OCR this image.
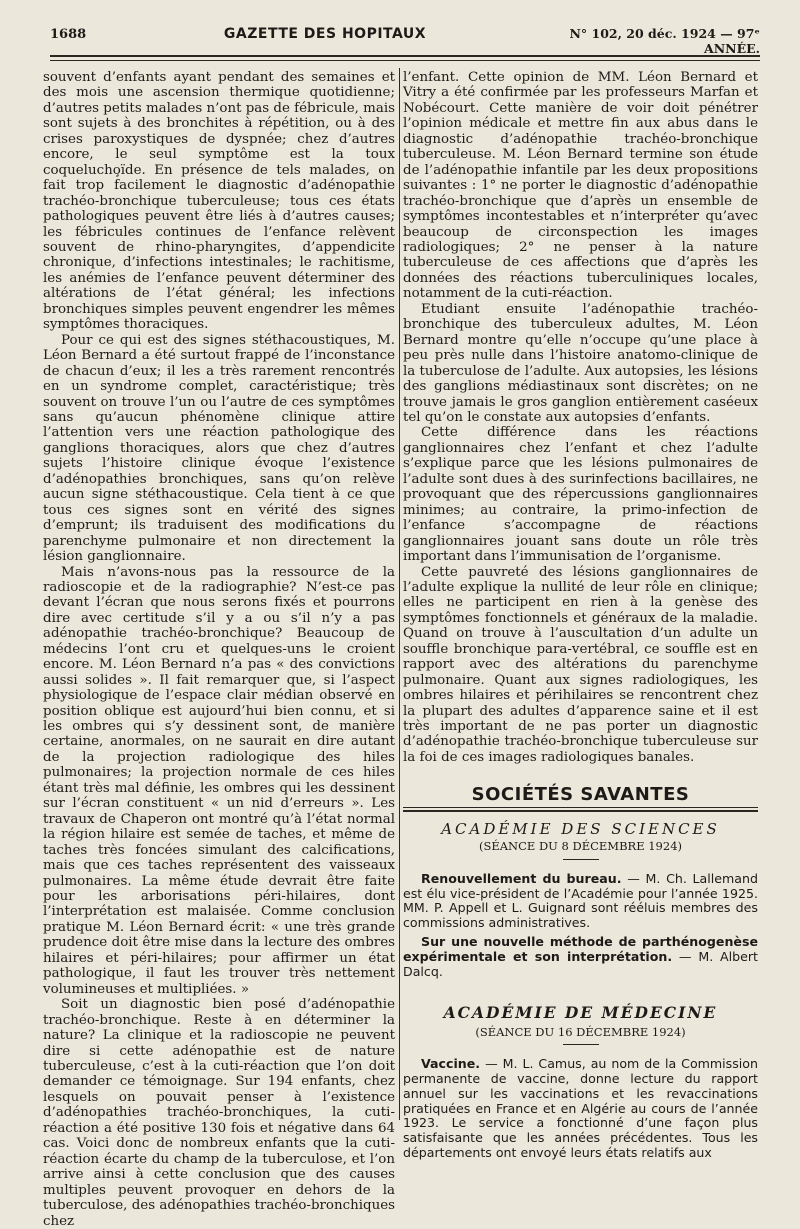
1688	GAZETTE DES HOPITAUX	N° 102, 20 déc. 1924 — 97ᵉ ANNÉE.

souvent d’enfants ayant pendant des semaines et des mois une ascension thermique quotidienne; d’autres petits malades n’ont pas de fébricule, mais sont sujets à des bronchites à répétition, ou à des crises paroxystiques de dyspnée; chez d’autres encore, le seul symptôme est la toux coquelucho̧ïde. En présence de tels malades, on fait trop facilement le diagnostic d’adénopathie trachéo-bronchique tuberculeuse; tous ces états pathologiques peuvent être liés à d’autres causes; les fébricules continues de l’enfance relèvent souvent de rhino-pharyngites, d’appendicite chronique, d’infections intestinales; le rachitisme, les anémies de l’enfance peuvent déterminer des altérations de l’état général; les infections bronchiques simples peuvent engendrer les mêmes symptômes thoraciques.

Pour ce qui est des signes stéthacoustiques, M. Léon Bernard a été surtout frappé de l’inconstance de chacun d’eux; il les a très rarement rencontrés en un syndrome complet, caractéristique; très souvent on trouve l’un ou l’autre de ces symptômes sans qu’aucun phénomène clinique attire l’attention vers une réaction pathologique des ganglions thoraciques, alors que chez d’autres sujets l’histoire clinique évoque l’existence d’adénopathies bronchiques, sans qu’on relève aucun signe stéthacoustique. Cela tient à ce que tous ces signes sont en vérité des signes d’emprunt; ils traduisent des modifications du parenchyme pulmonaire et non directement la lésion ganglionnaire.

Mais n’avons-nous pas la ressource de la radioscopie et de la radiographie? N’est-ce pas devant l’écran que nous serons fixés et pourrons dire avec certitude s’il y a ou s’il n’y a pas adénopathie trachéo-bronchique? Beaucoup de médecins l’ont cru et quelques-uns le croient encore. M. Léon Bernard n’a pas « des convictions aussi solides ». Il fait remarquer que, si l’aspect physiologique de l’espace clair médian observé en position oblique est aujourd’hui bien connu, et si les ombres qui s’y dessinent sont, de manière certaine, anormales, on ne saurait en dire autant de la projection radiologique des hiles pulmonaires; la projection normale de ces hiles étant très mal définie, les ombres qui les dessinent sur l’écran constituent « un nid d’erreurs ». Les travaux de Chaperon ont montré qu’à l’état normal la région hilaire est semée de taches, et même de taches très foncées simulant des calcifications, mais que ces taches représentent des vaisseaux pulmonaires. La même étude devrait être faite pour les arborisations péri-hilaires, dont l’interprétation est malaisée. Comme conclusion pratique M. Léon Bernard écrit: « une très grande prudence doit être mise dans la lecture des ombres hilaires et péri-hilaires; pour affirmer un état pathologique, il faut les trouver très nettement volumineuses et multipliées. »

Soit un diagnostic bien posé d’adénopathie trachéo-bronchique. Reste à en déterminer la nature? La clinique et la radioscopie ne peuvent dire si cette adénopathie est de nature tuberculeuse, c’est à la cuti-réaction que l’on doit demander ce témoignage. Sur 194 enfants, chez lesquels on pouvait penser à l’existence d’adénopathies trachéo-bronchiques, la cuti-réaction a été positive 130 fois et négative dans 64 cas. Voici donc de nombreux enfants que la cuti-réaction écarte du champ de la tuberculose, et l’on arrive ainsi à cette conclusion que des causes multiples peuvent provoquer en dehors de la tuberculose, des adénopathies trachéo-bronchiques chez

l’enfant. Cette opinion de MM. Léon Bernard et Vitry a été confirmée par les professeurs Marfan et Nobécourt. Cette manière de voir doit pénétrer l’opinion médicale et mettre fin aux abus dans le diagnostic d’adénopathie trachéo-bronchique tuberculeuse. M. Léon Bernard termine son étude de l’adénopathie infantile par les deux propositions suivantes : 1° ne porter le diagnostic d’adénopathie trachéo-bronchique que d’après un ensemble de symptômes incontestables et n’interpréter qu’avec beaucoup de circonspection les images radiologiques; 2° ne penser à la nature tuberculeuse de ces affections que d’après les données des réactions tuberculiniques locales, notamment de la cuti-réaction.

Etudiant ensuite l’adénopathie trachéo-bronchique des tuberculeux adultes, M. Léon Bernard montre qu’elle n’occupe qu’une place à peu près nulle dans l’histoire anatomo-clinique de la tuberculose de l’adulte. Aux autopsies, les lésions des ganglions médiastinaux sont discrètes; on ne trouve jamais le gros ganglion entièrement caséeux tel qu’on le constate aux autopsies d’enfants.

Cette différence dans les réactions ganglionnaires chez l’enfant et chez l’adulte s’explique parce que les lésions pulmonaires de l’adulte sont dues à des surinfections bacillaires, ne provoquant que des répercussions ganglionnaires minimes; au contraire, la primo-infection de l’enfance s’accompagne de réactions ganglionnaires jouant sans doute un rôle très important dans l’immunisation de l’organisme.

Cette pauvreté des lésions ganglionnaires de l’adulte explique la nullité de leur rôle en clinique; elles ne participent en rien à la genèse des symptômes fonctionnels et généraux de la maladie. Quand on trouve à l’auscultation d’un adulte un souffle bronchique para-vertébral, ce souffle est en rapport avec des altérations du parenchyme pulmonaire. Quant aux signes radiologiques, les ombres hilaires et périhilaires se rencontrent chez la plupart des adultes d’apparence saine et il est très important de ne pas porter un diagnostic d’adénopathie trachéo-bronchique tuberculeuse sur la foi de ces images radiologiques banales.

SOCIÉTÉS SAVANTES
ACADÉMIE DES SCIENCES
(SÉANCE DU 8 DÉCEMBRE 1924)

Renouvellement du bureau. — M. Ch. Lallemand est élu vice-président de l’Académie pour l’année 1925. MM. P. Appell et L. Guignard sont rééluis membres des commissions administratives.

Sur une nouvelle méthode de parthénogenèse expérimentale et son interprétation. — M. Albert Dalcq.

ACADÉMIE DE MÉDECINE
(SÉANCE DU 16 DÉCEMBRE 1924)

Vaccine. — M. L. Camus, au nom de la Commission permanente de vaccine, donne lecture du rapport annuel sur les vaccinations et les revaccinations pratiquées en France et en Algérie au cours de l’année 1923. Le service a fonctionné d’une façon plus satisfaisante que les années précédentes. Tous les départements ont envoyé leurs états relatifs aux
